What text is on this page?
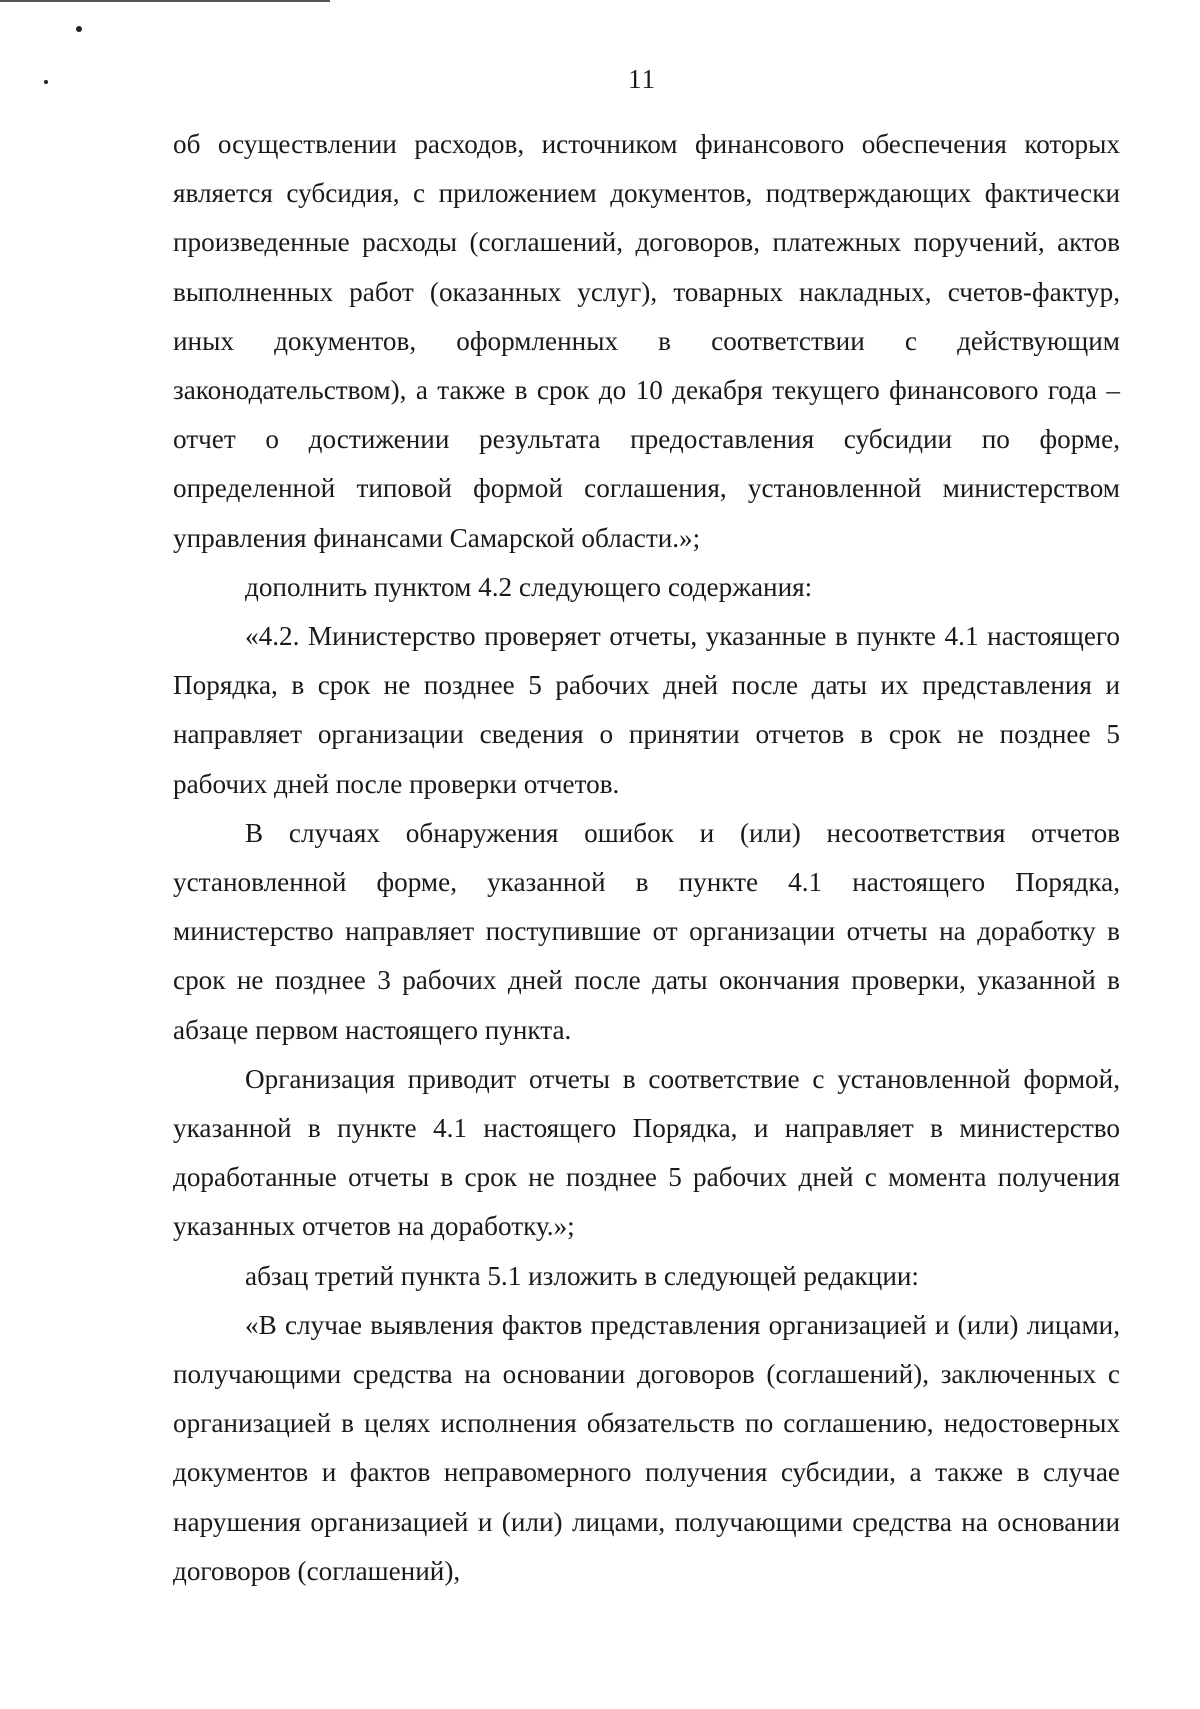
11

об осуществлении расходов, источником финансового обеспечения которых является субсидия, с приложением документов, подтверждающих фактически произведенные расходы (соглашений, договоров, платежных поручений, актов выполненных работ (оказанных услуг), товарных накладных, счетов-фактур, иных документов, оформленных в соответствии с действующим законодательством), а также в срок до 10 декабря текущего финансового года – отчет о достижении результата предоставления субсидии по форме, определенной типовой формой соглашения, установленной министерством управления финансами Самарской области.»;

дополнить пунктом 4.2 следующего содержания:

«4.2. Министерство проверяет отчеты, указанные в пункте 4.1 настоящего Порядка, в срок не позднее 5 рабочих дней после даты их представления и направляет организации сведения о принятии отчетов в срок не позднее 5 рабочих дней после проверки отчетов.

В случаях обнаружения ошибок и (или) несоответствия отчетов установленной форме, указанной в пункте 4.1 настоящего Порядка, министерство направляет поступившие от организации отчеты на доработку в срок не позднее 3 рабочих дней после даты окончания проверки, указанной в абзаце первом настоящего пункта.

Организация приводит отчеты в соответствие с установленной формой, указанной в пункте 4.1 настоящего Порядка, и направляет в министерство доработанные отчеты в срок не позднее 5 рабочих дней с момента получения указанных отчетов на доработку.»;

абзац третий пункта 5.1 изложить в следующей редакции:

«В случае выявления фактов представления организацией и (или) лицами, получающими средства на основании договоров (соглашений), заключенных с организацией в целях исполнения обязательств по соглашению, недостоверных документов и фактов неправомерного получения субсидии, а также в случае нарушения организацией и (или) лицами, получающими средства на основании договоров (соглашений),
